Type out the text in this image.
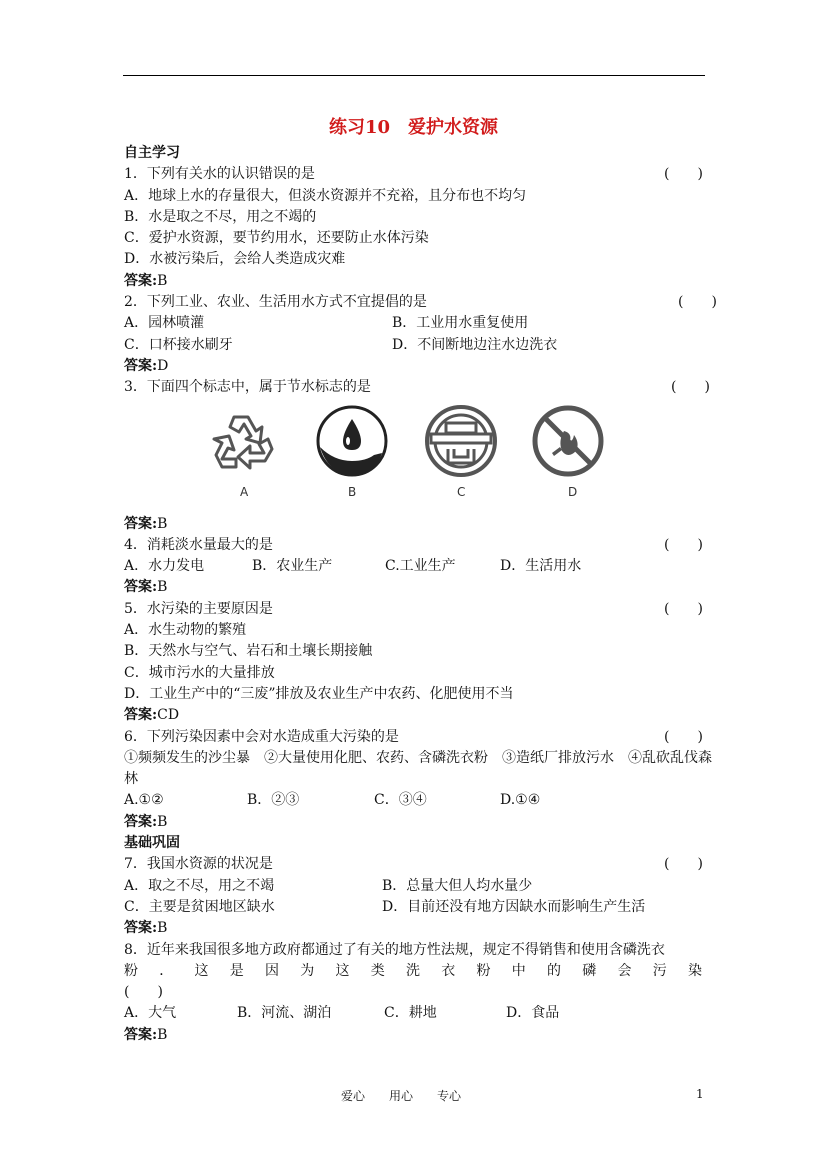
练习10　爱护水资源
自主学习
1．下列有关水的认识错误的是	(　　)
A．地球上水的存量很大，但淡水资源并不充裕，且分布也不均匀
B．水是取之不尽，用之不竭的
C．爱护水资源，要节约用水，还要防止水体污染
D．水被污染后，会给人类造成灾难
答案:B
2．下列工业、农业、生活用水方式不宜提倡的是	(　　)
A．园林喷灌	B．工业用水重复使用
C．口杯接水刷牙	D．不间断地边注水边洗衣
答案:D
3．下面四个标志中，属于节水标志的是	(　　)
A	B	C	D
答案:B
4．消耗淡水量最大的是	(　　)
A．水力发电	B．农业生产	C.工业生产	D．生活用水
答案:B
5．水污染的主要原因是	(　　)
A．水生动物的繁殖
B．天然水与空气、岩石和土壤长期接触
C．城市污水的大量排放
D．工业生产中的“三废”排放及农业生产中农药、化肥使用不当
答案:CD
6．下列污染因素中会对水造成重大污染的是	(　　)
①频频发生的沙尘暴　②大量使用化肥、农药、含磷洗衣粉　③造纸厂排放污水　④乱砍乱伐森林
A.①②	B．②③	C．③④	D.①④
答案:B
基础巩固
7．我国水资源的状况是	(　　)
A．取之不尽，用之不竭	B．总量大但人均水量少
C．主要是贫困地区缺水	D．目前还没有地方因缺水而影响生产生活
答案:B
8．近年来我国很多地方政府都通过了有关的地方性法规，规定不得销售和使用含磷洗衣
粉 ． 这 是 因 为 这 类 洗 衣 粉 中 的 磷 会 污 染
(　　)
A．大气	B．河流、湖泊	C．耕地	D．食品
答案:B
爱心　　用心　　专心	1
